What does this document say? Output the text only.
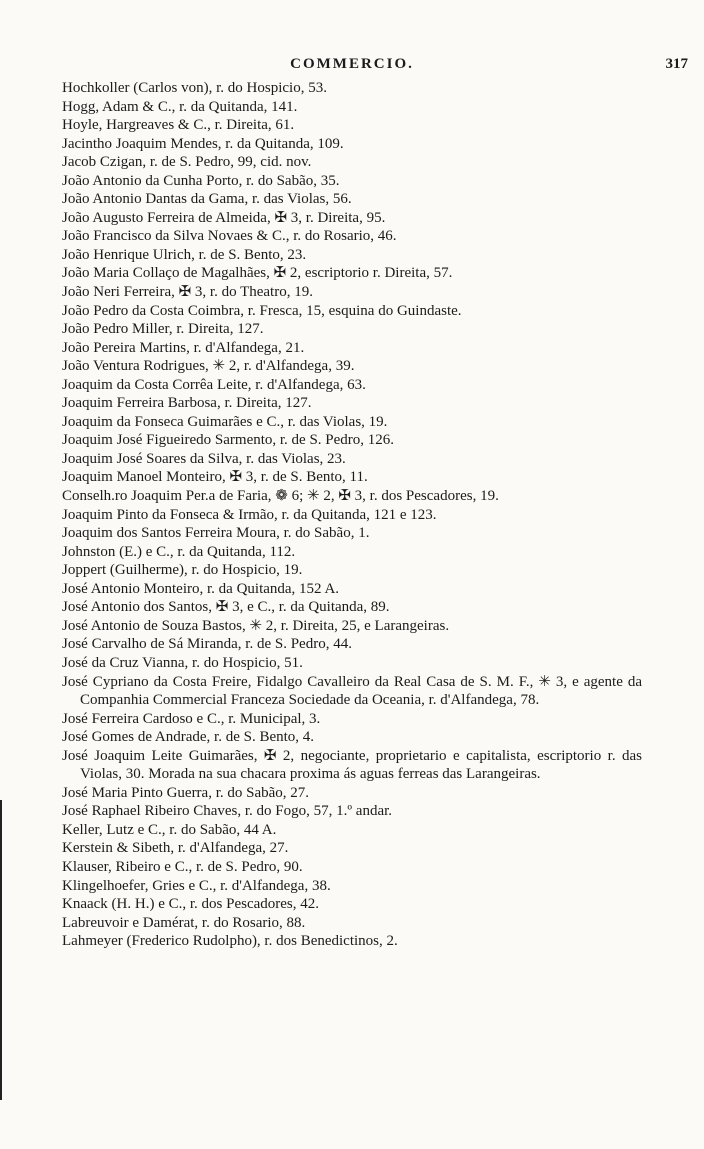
COMMERCIO.	317
Hochkoller (Carlos von), r. do Hospicio, 53.
Hogg, Adam & C., r. da Quitanda, 141.
Hoyle, Hargreaves & C., r. Direita, 61.
Jacintho Joaquim Mendes, r. da Quitanda, 109.
Jacob Czigan, r. de S. Pedro, 99, cid. nov.
João Antonio da Cunha Porto, r. do Sabão, 35.
João Antonio Dantas da Gama, r. das Violas, 56.
João Augusto Ferreira de Almeida, ✠ 3, r. Direita, 95.
João Francisco da Silva Novaes & C., r. do Rosario, 46.
João Henrique Ulrich, r. de S. Bento, 23.
João Maria Collaço de Magalhães, ✠ 2, escriptorio r. Direita, 57.
João Neri Ferreira, ✠ 3, r. do Theatro, 19.
João Pedro da Costa Coimbra, r. Fresca, 15, esquina do Guindaste.
João Pedro Miller, r. Direita, 127.
João Pereira Martins, r. d'Alfandega, 21.
João Ventura Rodrigues, ✳ 2, r. d'Alfandega, 39.
Joaquim da Costa Corrêa Leite, r. d'Alfandega, 63.
Joaquim Ferreira Barbosa, r. Direita, 127.
Joaquim da Fonseca Guimarães e C., r. das Violas, 19.
Joaquim José Figueiredo Sarmento, r. de S. Pedro, 126.
Joaquim José Soares da Silva, r. das Violas, 23.
Joaquim Manoel Monteiro, ✠ 3, r. de S. Bento, 11.
Conselh.ro Joaquim Per.a de Faria, ❁ 6; ✳ 2, ✠ 3, r. dos Pescadores, 19.
Joaquim Pinto da Fonseca & Irmão, r. da Quitanda, 121 e 123.
Joaquim dos Santos Ferreira Moura, r. do Sabão, 1.
Johnston (E.) e C., r. da Quitanda, 112.
Joppert (Guilherme), r. do Hospicio, 19.
José Antonio Monteiro, r. da Quitanda, 152 A.
José Antonio dos Santos, ✠ 3, e C., r. da Quitanda, 89.
José Antonio de Souza Bastos, ✳ 2, r. Direita, 25, e Larangeiras.
José Carvalho de Sá Miranda, r. de S. Pedro, 44.
José da Cruz Vianna, r. do Hospicio, 51.
José Cypriano da Costa Freire, Fidalgo Cavalleiro da Real Casa de S. M. F., ✳ 3, e agente da Companhia Commercial Franceza Sociedade da Oceania, r. d'Alfandega, 78.
José Ferreira Cardoso e C., r. Municipal, 3.
José Gomes de Andrade, r. de S. Bento, 4.
José Joaquim Leite Guimarães, ✠ 2, negociante, proprietario e capitalista, escriptorio r. das Violas, 30. Morada na sua chacara proxima ás aguas ferreas das Larangeiras.
José Maria Pinto Guerra, r. do Sabão, 27.
José Raphael Ribeiro Chaves, r. do Fogo, 57, 1.º andar.
Keller, Lutz e C., r. do Sabão, 44 A.
Kerstein & Sibeth, r. d'Alfandega, 27.
Klauser, Ribeiro e C., r. de S. Pedro, 90.
Klingelhoefer, Gries e C., r. d'Alfandega, 38.
Knaack (H. H.) e C., r. dos Pescadores, 42.
Labreuvoir e Damérat, r. do Rosario, 88.
Lahmeyer (Frederico Rudolpho), r. dos Benedictinos, 2.
